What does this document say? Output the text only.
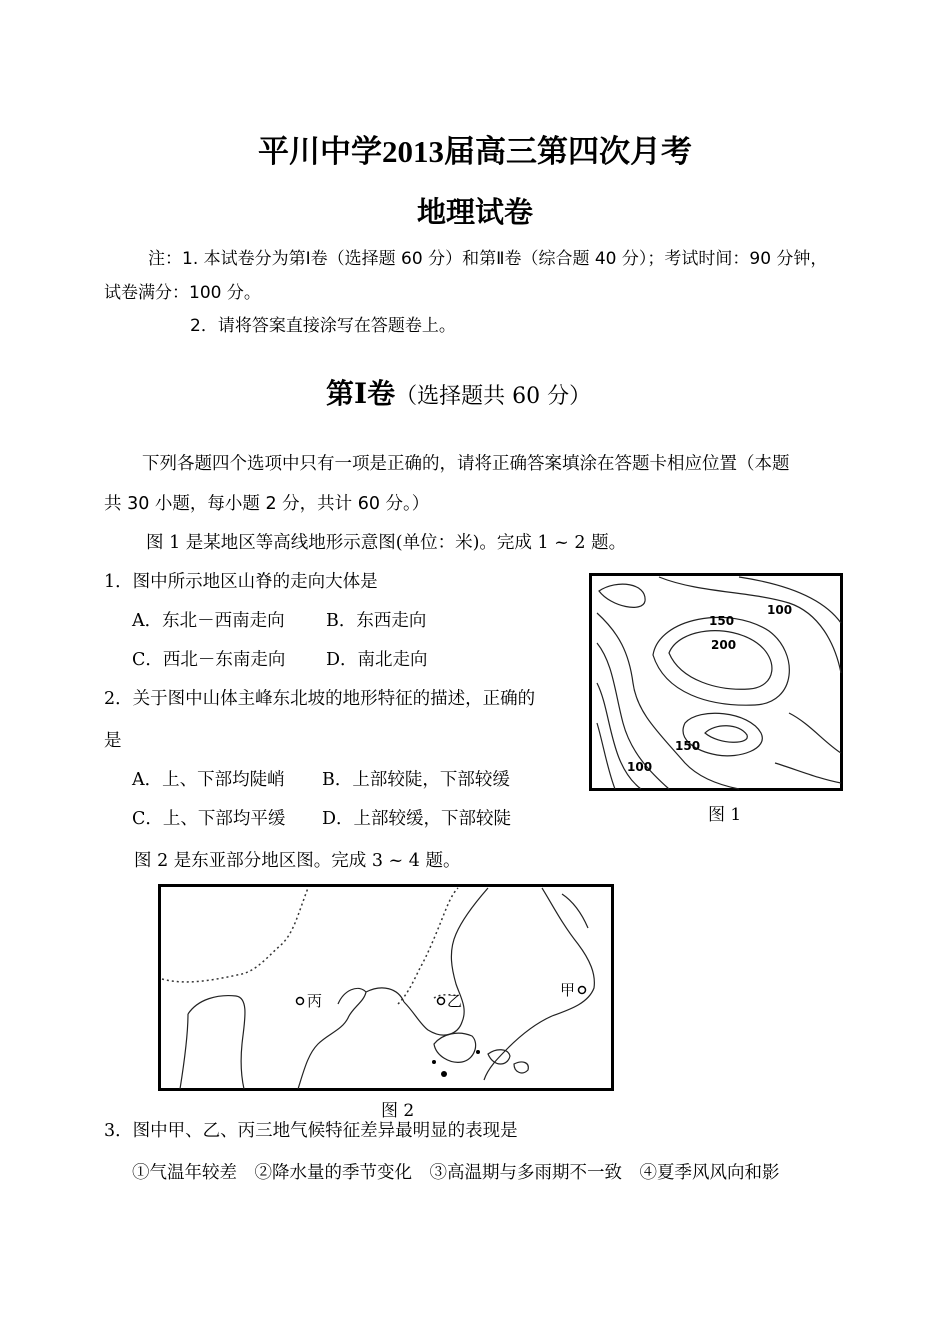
平川中学2013届高三第四次月考
地理试卷
注：1. 本试卷分为第Ⅰ卷（选择题 60 分）和第Ⅱ卷（综合题 40 分）；考试时间：90 分钟，
试卷满分：100 分。
2．请将答案直接涂写在答题卷上。
第Ⅰ卷（选择题共 60 分）
下列各题四个选项中只有一项是正确的，请将正确答案填涂在答题卡相应位置（本题
共 30 小题，每小题 2 分，共计 60 分。）
图 1 是某地区等高线地形示意图(单位：米)。完成 1 ~ 2 题。
1．图中所示地区山脊的走向大体是
A．东北－西南走向 B．东西走向
C．西北－东南走向 D．南北走向
2．关于图中山体主峰东北坡的地形特征的描述，正确的
是
A．上、下部均陡峭 B．上部较陡，下部较缓
C．上、下部均平缓 D．上部较缓，下部较陡
100
150
200
150
100
图 1
图 2 是东亚部分地区图。完成 3 ~ 4 题。
丙	乙
甲
图 2
3．图中甲、乙、丙三地气候特征差异最明显的表现是
①气温年较差　②降水量的季节变化　③高温期与多雨期不一致　④夏季风风向和影
